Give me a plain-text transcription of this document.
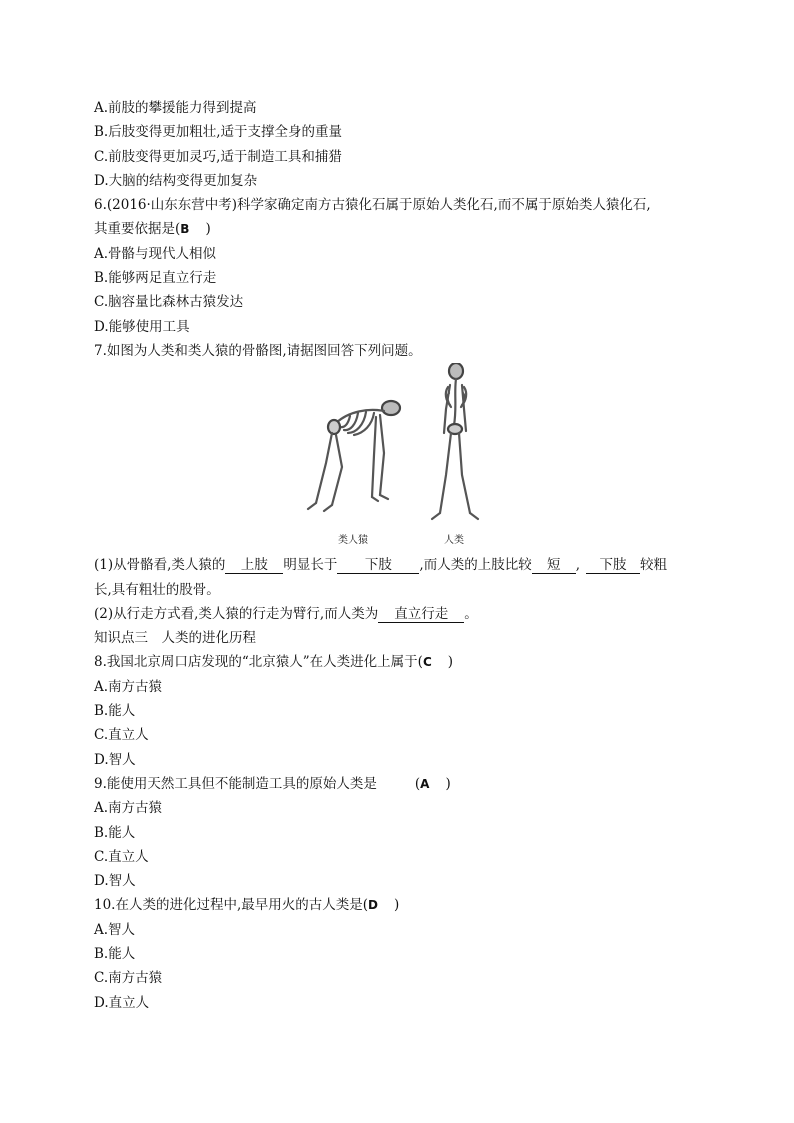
A.前肢的攀援能力得到提高
B.后肢变得更加粗壮,适于支撑全身的重量
C.前肢变得更加灵巧,适于制造工具和捕猎
D.大脑的结构变得更加复杂
6.(2016·山东东营中考)科学家确定南方古猿化石属于原始人类化石,而不属于原始类人猿化石,
其重要依据是(B )
A.骨骼与现代人相似
B.能够两足直立行走
C.脑容量比森林古猿发达
D.能够使用工具
7.如图为人类和类人猿的骨骼图,请据图回答下列问题。
类人猿	人类
(1)从骨骼看,类人猿的 上肢 明显长于 下肢 ,而人类的上肢比较 短 , 下肢 较粗
长,具有粗壮的股骨。
(2)从行走方式看,类人猿的行走为臂行,而人类为 直立行走 。
知识点三　人类的进化历程
8.我国北京周口店发现的“北京猿人”在人类进化上属于(C )
A.南方古猿
B.能人
C.直立人
D.智人
9.能使用天然工具但不能制造工具的原始人类是	(A )
A.南方古猿
B.能人
C.直立人
D.智人
10.在人类的进化过程中,最早用火的古人类是(D )
A.智人
B.能人
C.南方古猿
D.直立人
